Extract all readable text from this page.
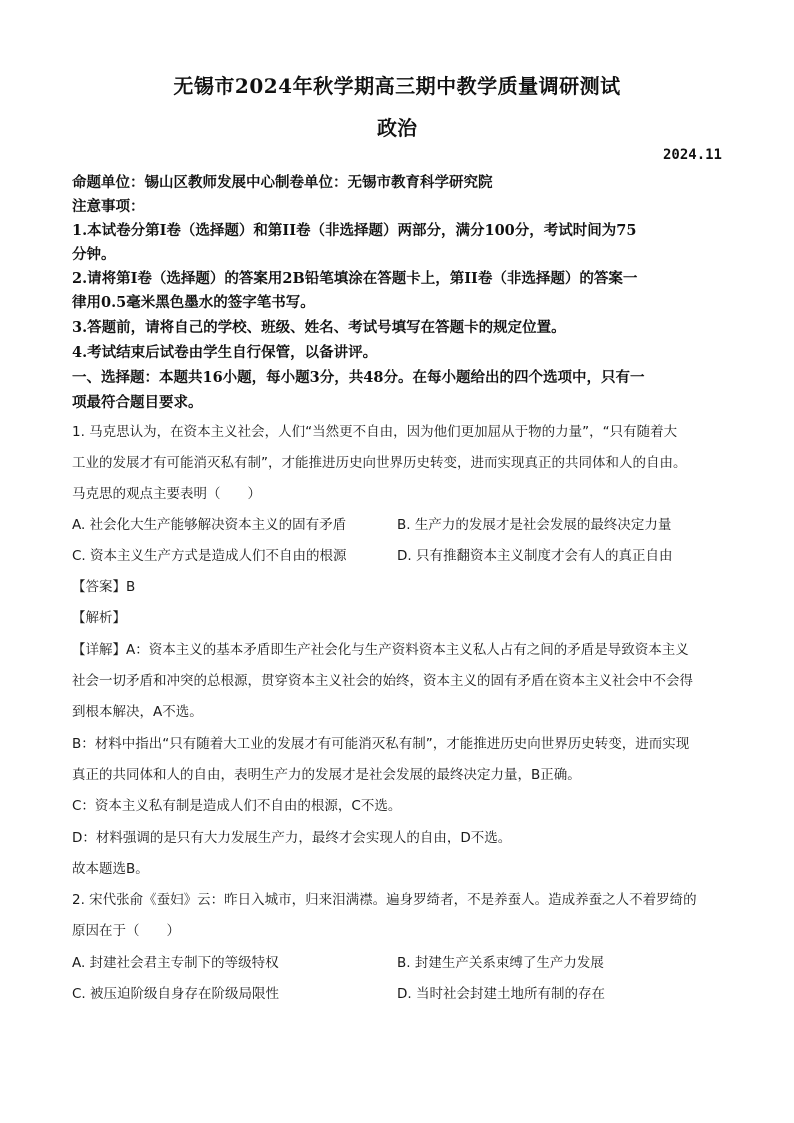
无锡市2024年秋学期高三期中教学质量调研测试
政治
2024.11
命题单位：锡山区教师发展中心制卷单位：无锡市教育科学研究院
注意事项：
1.本试卷分第I卷（选择题）和第II卷（非选择题）两部分，满分100分，考试时间为75
分钟。
2.请将第I卷（选择题）的答案用2B铅笔填涂在答题卡上，第II卷（非选择题）的答案一
律用0.5毫米黑色墨水的签字笔书写。
3.答题前，请将自己的学校、班级、姓名、考试号填写在答题卡的规定位置。
4.考试结束后试卷由学生自行保管，以备讲评。
一、选择题：本题共16小题，每小题3分，共48分。在每小题给出的四个选项中，只有一
项最符合题目要求。
1. 马克思认为，在资本主义社会，人们“当然更不自由，因为他们更加屈从于物的力量”，“只有随着大
工业的发展才有可能消灭私有制”，才能推进历史向世界历史转变，进而实现真正的共同体和人的自由。
马克思的观点主要表明（　　）
A. 社会化大生产能够解决资本主义的固有矛盾	B. 生产力的发展才是社会发展的最终决定力量
C. 资本主义生产方式是造成人们不自由的根源	D. 只有推翻资本主义制度才会有人的真正自由
【答案】B
【解析】
【详解】A：资本主义的基本矛盾即生产社会化与生产资料资本主义私人占有之间的矛盾是导致资本主义
社会一切矛盾和冲突的总根源，贯穿资本主义社会的始终，资本主义的固有矛盾在资本主义社会中不会得
到根本解决，A不选。
B：材料中指出“只有随着大工业的发展才有可能消灭私有制”，才能推进历史向世界历史转变，进而实现
真正的共同体和人的自由，表明生产力的发展才是社会发展的最终决定力量，B正确。
C：资本主义私有制是造成人们不自由的根源，C不选。
D：材料强调的是只有大力发展生产力，最终才会实现人的自由，D不选。
故本题选B。
2. 宋代张俞《蚕妇》云：昨日入城市，归来泪满襟。遍身罗绮者，不是养蚕人。造成养蚕之人不着罗绮的
原因在于（　　）
A. 封建社会君主专制下的等级特权	B. 封建生产关系束缚了生产力发展
C. 被压迫阶级自身存在阶级局限性	D. 当时社会封建土地所有制的存在
